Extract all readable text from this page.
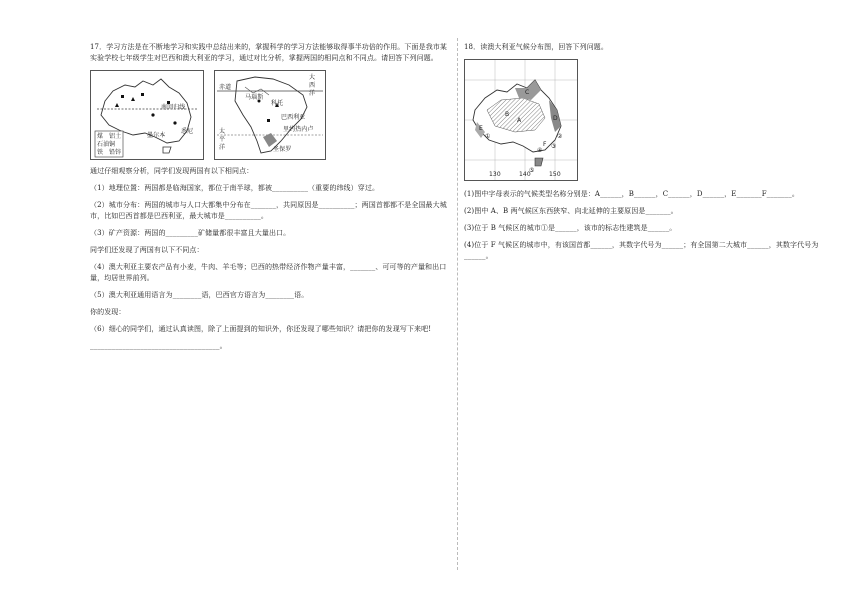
17．学习方法是在不断地学习和实践中总结出来的，掌握科学的学习方法能够取得事半功倍的作用。下面是我市某实验学校七年级学生对巴西和澳大利亚的学习，通过对比分析，掌握两国的相同点和不同点。请回答下列问题。

南回归线
墨尔本
悉尼
煤
石油
铁
铝土
铜
铅锌
赤道
大
西
洋
太
平
洋
巴西利亚
圣保罗
科托
里约热内卢
马瑙斯

通过仔细观察分析，同学们发现两国有以下相同点：

（1）地理位置：两国都是临海国家，都位于南半球，都被__________（重要的纬线）穿过。

（2）城市分布：两国的城市与人口大都集中分布在_______，共同原因是__________；两国首都都不是全国最大城市，比如巴西首都是巴西利亚，最大城市是__________。

（3）矿产资源：两国的_________矿储量都很丰富且大量出口。

同学们还发现了两国有以下不同点：

（4）澳大利亚主要农产品有小麦，牛肉、羊毛等；巴西的热带经济作物产量丰富，_______、可可等的产量和出口量，均居世界前列。

（5）澳大利亚通用语言为________语，巴西官方语言为________语。

你的发现：

（6）细心的同学们，通过认真读图，除了上面提到的知识外，你还发现了哪些知识？请把你的发现写下来吧!

____________________________________。

18．读澳大利亚气候分布图，回答下列问题。

A
B
C
D
E
F
①	②
③
④
⑤
130	140	150

(1)图中字母表示的气候类型名称分别是：A______，B______，C______，D______，E_______F_______。

(2)图中 A、B 两气候区东西狭窄、向北延伸的主要原因是_______。

(3)位于 B 气候区的城市①是______，该市的标志性建筑是______。

(4)位于 F 气候区的城市中，有该国首都______，其数字代号为______；有全国第二大城市______，其数字代号为______。
